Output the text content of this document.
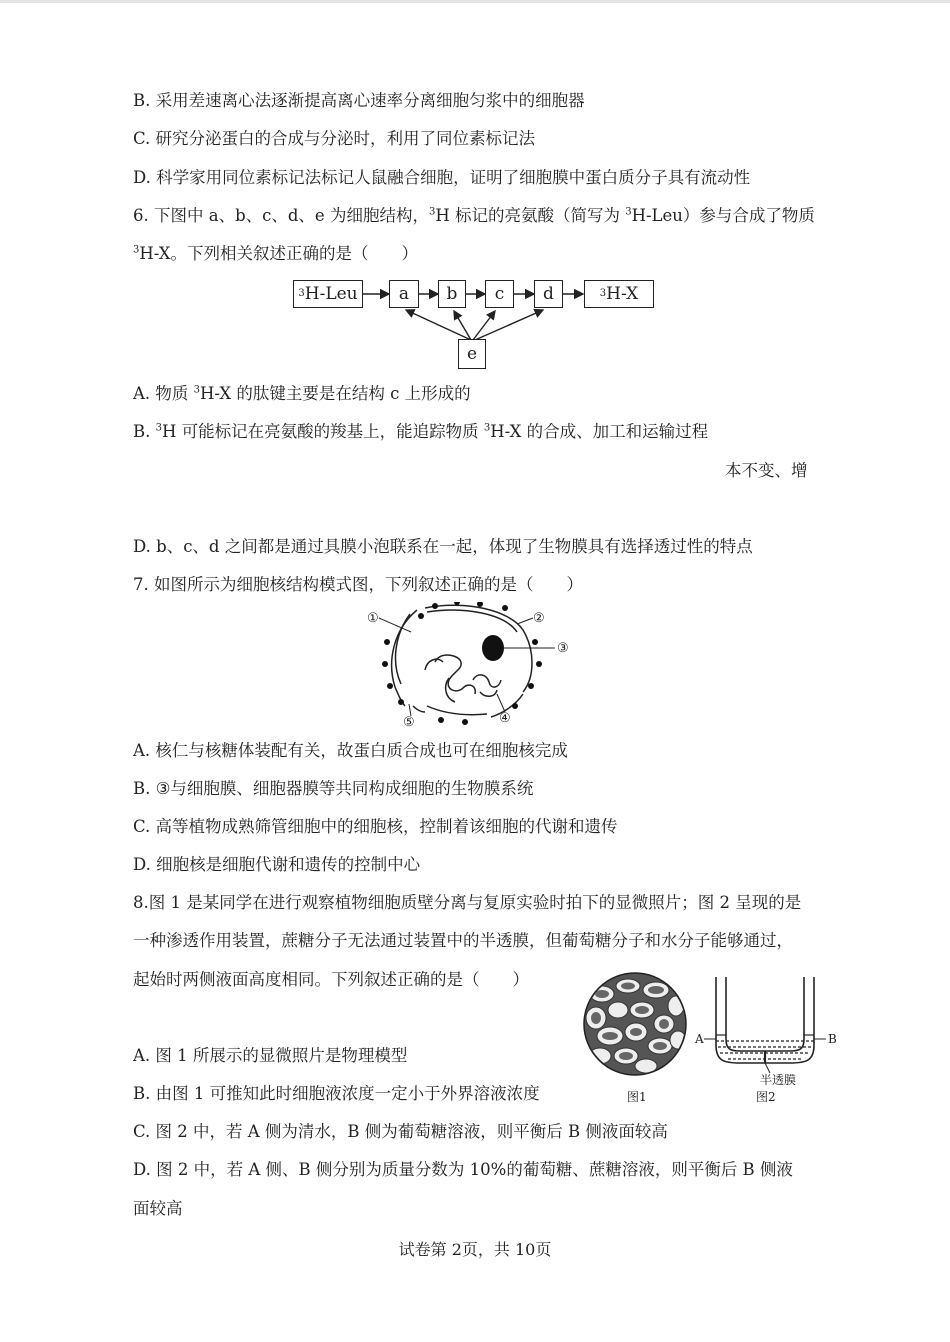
B. 采用差速离心法逐渐提高离心速率分离细胞匀浆中的细胞器
C. 研究分泌蛋白的合成与分泌时，利用了同位素标记法
D. 科学家用同位素标记法标记人鼠融合细胞，证明了细胞膜中蛋白质分子具有流动性
6. 下图中 a、b、c、d、e 为细胞结构，$^3$H 标记的亮氨酸（简写为 $^3$H-Leu）参与合成了物质
$^3$H-X。下列相关叙述正确的是（　　）
3 H-Leu	a	b	c	d	3 H-X
e
A. 物质 $^3$H-X 的肽键主要是在结构 c 上形成的
B. $^3$H 可能标记在亮氨酸的羧基上，能追踪物质 $^3$H-X 的合成、加工和运输过程
本不变、增
D. b、c、d 之间都是通过具膜小泡联系在一起，体现了生物膜具有选择透过性的特点
7. 如图所示为细胞核结构模式图，下列叙述正确的是（　　）
①	②
③
④
⑤
A. 核仁与核糖体装配有关，故蛋白质合成也可在细胞核完成
B. ③与细胞膜、细胞器膜等共同构成细胞的生物膜系统
C. 高等植物成熟筛管细胞中的细胞核，控制着该细胞的代谢和遗传
D. 细胞核是细胞代谢和遗传的控制中心
8.图 1 是某同学在进行观察植物细胞质壁分离与复原实验时拍下的显微照片；图 2 呈现的是
一种渗透作用装置，蔗糖分子无法通过装置中的半透膜，但葡萄糖分子和水分子能够通过，
起始时两侧液面高度相同。下列叙述正确的是（　　）
图1
A	B
半透膜
图2
A. 图 1 所展示的显微照片是物理模型
B. 由图 1 可推知此时细胞液浓度一定小于外界溶液浓度
C. 图 2 中，若 A 侧为清水，B 侧为葡萄糖溶液，则平衡后 B 侧液面较高
D. 图 2 中，若 A 侧、B 侧分别为质量分数为 10%的葡萄糖、蔗糖溶液，则平衡后 B 侧液
面较高
试卷第 2页，共 10页
